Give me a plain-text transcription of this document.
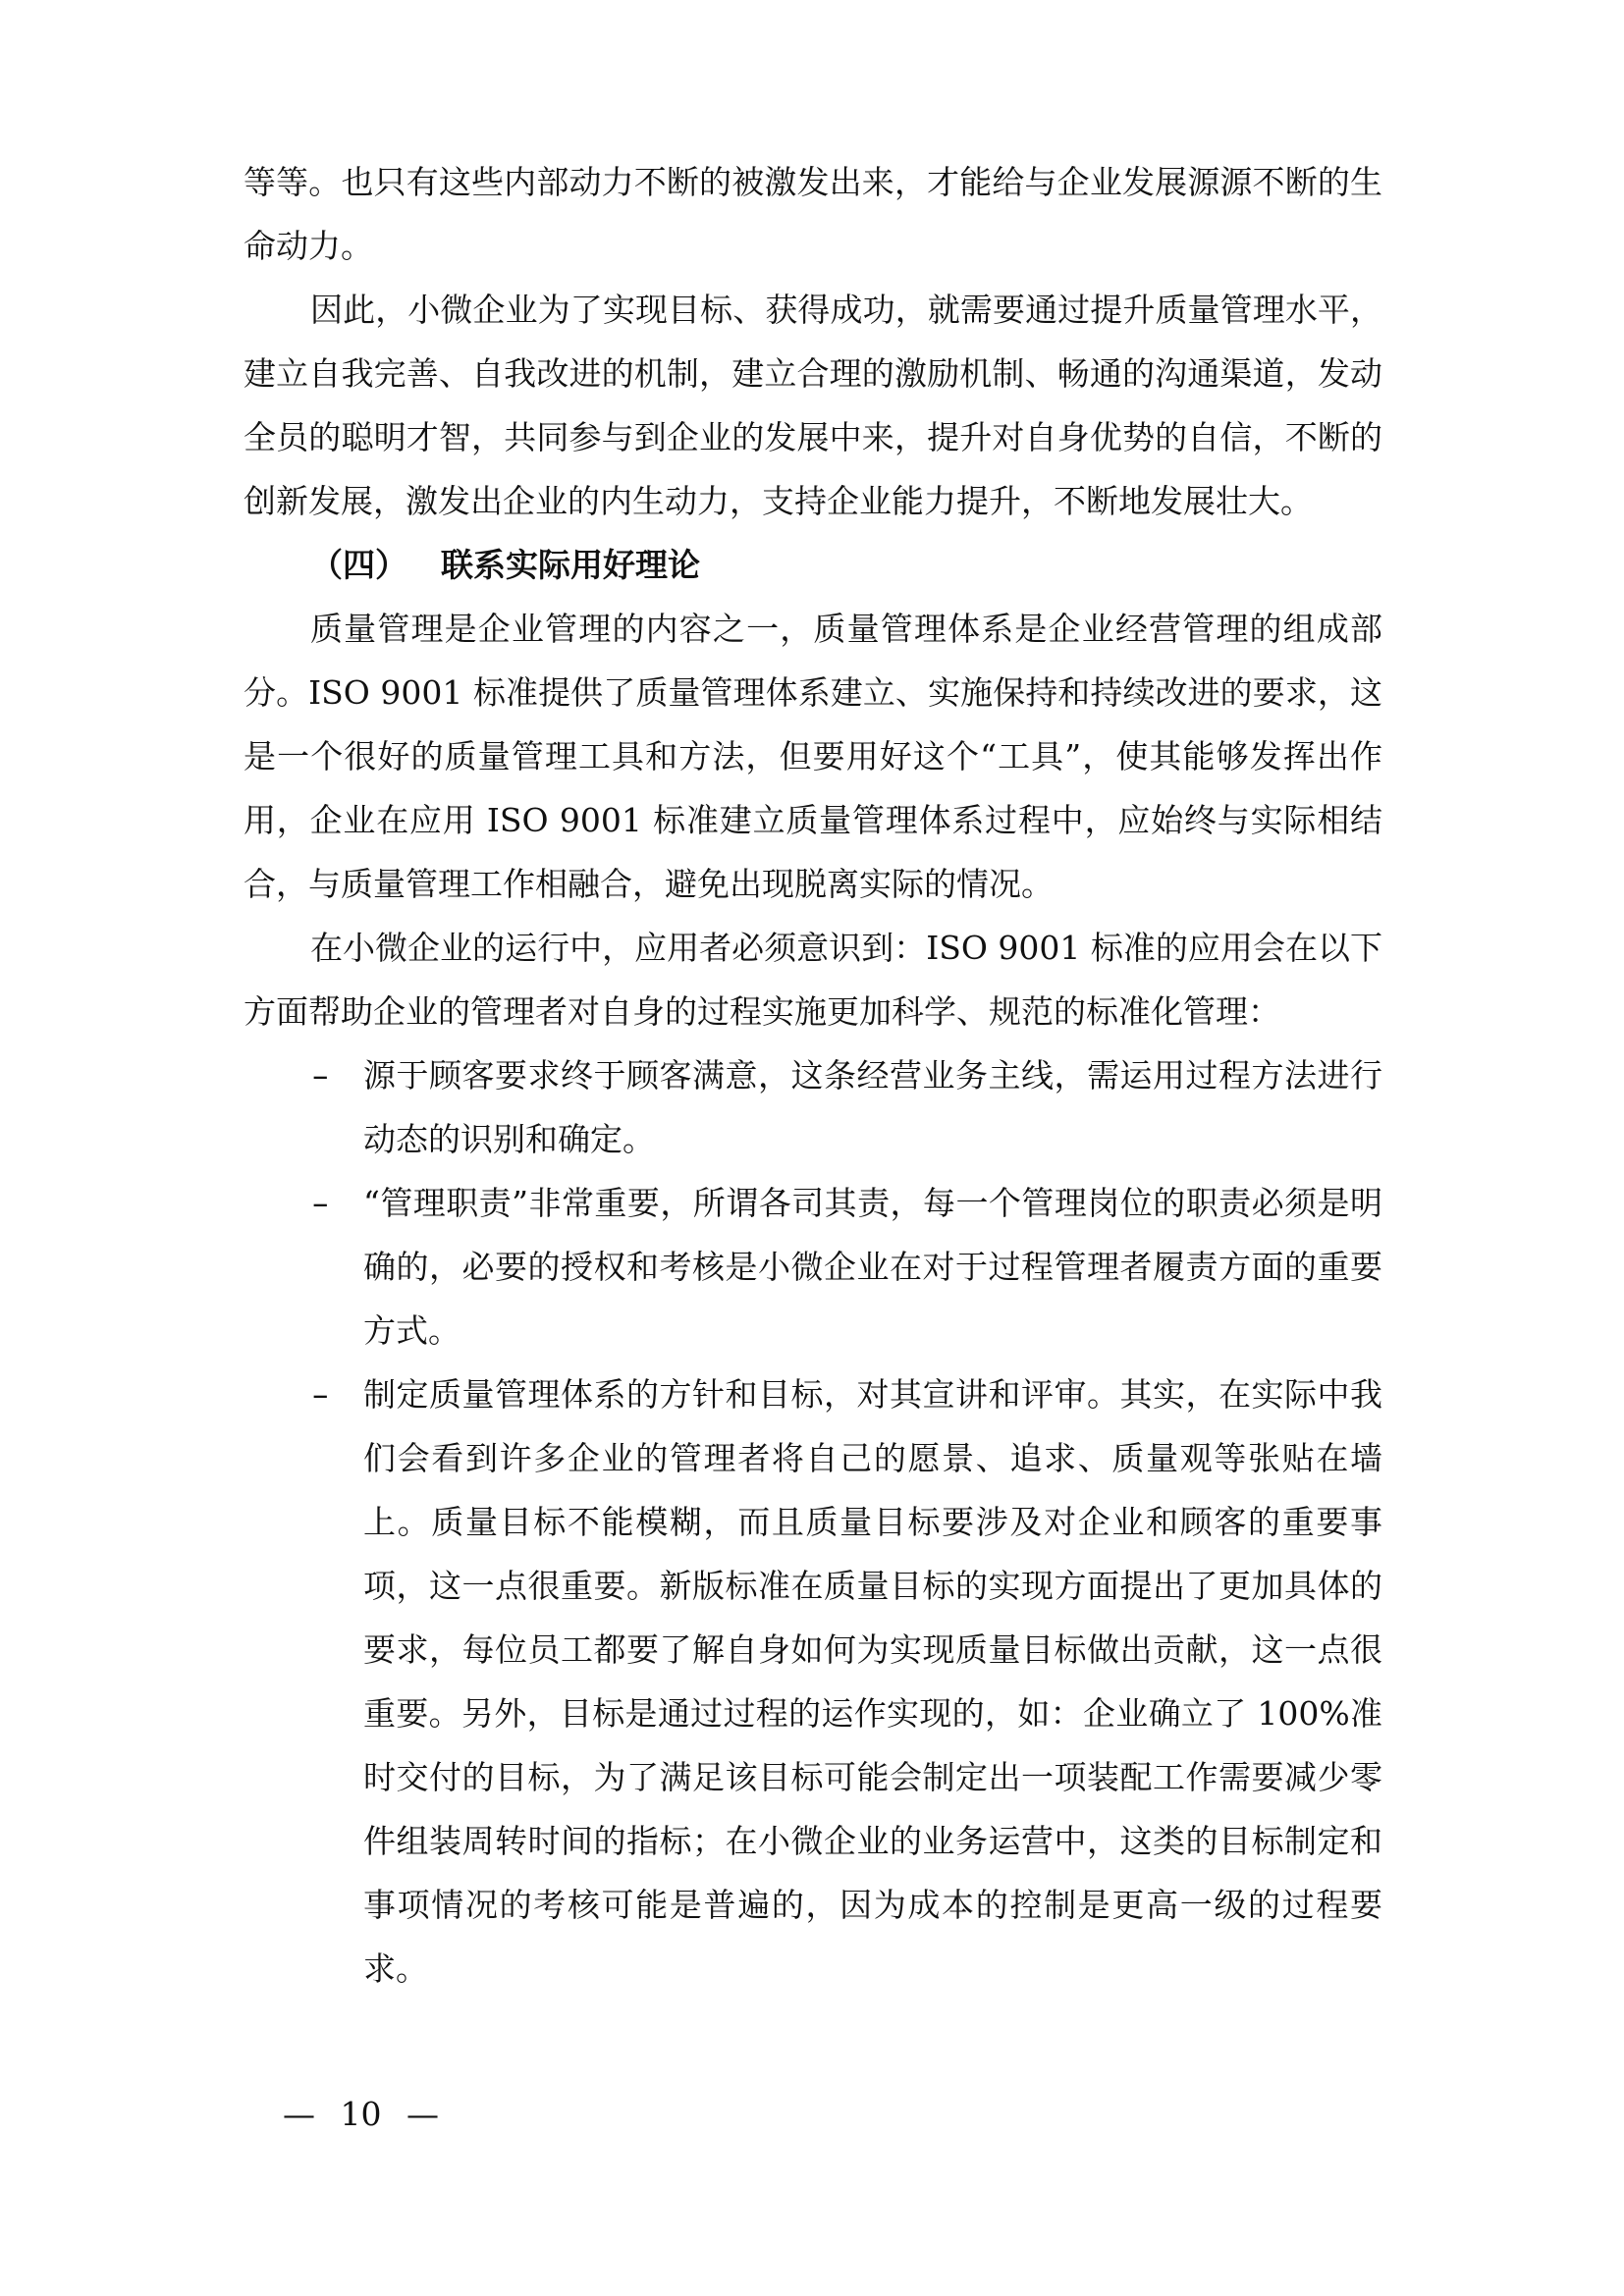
等等。也只有这些内部动力不断的被激发出来，才能给与企业发展源源不断的生命动力。

因此，小微企业为了实现目标、获得成功，就需要通过提升质量管理水平，建立自我完善、自我改进的机制，建立合理的激励机制、畅通的沟通渠道，发动全员的聪明才智，共同参与到企业的发展中来，提升对自身优势的自信，不断的创新发展，激发出企业的内生动力，支持企业能力提升，不断地发展壮大。

（四） 联系实际用好理论

质量管理是企业管理的内容之一，质量管理体系是企业经营管理的组成部分。ISO 9001 标准提供了质量管理体系建立、实施保持和持续改进的要求，这是一个很好的质量管理工具和方法，但要用好这个“工具”，使其能够发挥出作用，企业在应用 ISO 9001 标准建立质量管理体系过程中，应始终与实际相结合，与质量管理工作相融合，避免出现脱离实际的情况。

在小微企业的运行中，应用者必须意识到：ISO 9001 标准的应用会在以下方面帮助企业的管理者对自身的过程实施更加科学、规范的标准化管理：

– 源于顾客要求终于顾客满意，这条经营业务主线，需运用过程方法进行动态的识别和确定。
– “管理职责”非常重要，所谓各司其责，每一个管理岗位的职责必须是明确的，必要的授权和考核是小微企业在对于过程管理者履责方面的重要方式。
– 制定质量管理体系的方针和目标，对其宣讲和评审。其实，在实际中我们会看到许多企业的管理者将自己的愿景、追求、质量观等张贴在墙上。质量目标不能模糊，而且质量目标要涉及对企业和顾客的重要事项，这一点很重要。新版标准在质量目标的实现方面提出了更加具体的要求，每位员工都要了解自身如何为实现质量目标做出贡献，这一点很重要。另外，目标是通过过程的运作实现的，如：企业确立了 100%准时交付的目标，为了满足该目标可能会制定出一项装配工作需要减少零件组装周转时间的指标；在小微企业的业务运营中，这类的目标制定和事项情况的考核可能是普遍的，因为成本的控制是更高一级的过程要求。
— 10 —
